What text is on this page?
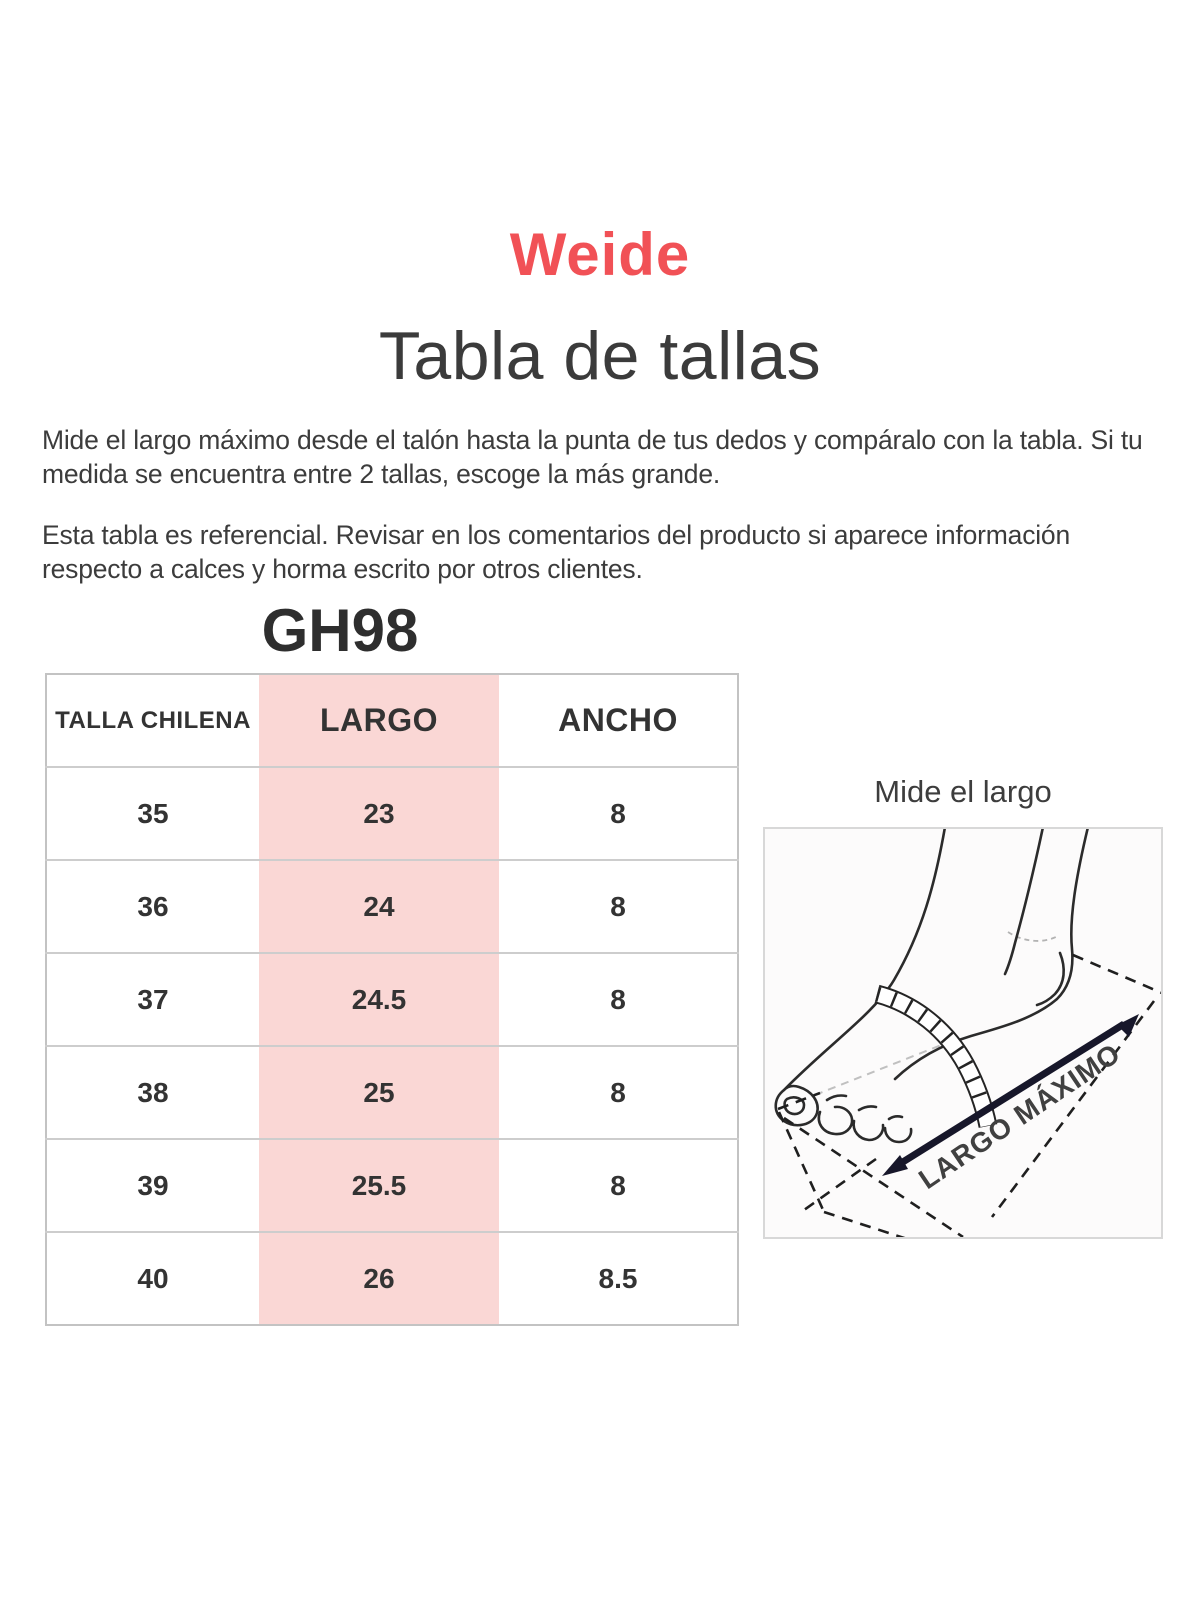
Weide
Tabla de tallas

Mide el largo máximo desde el talón hasta la punta de tus dedos y compáralo con la tabla. Si tu medida se encuentra entre 2 tallas, escoge la más grande.

Esta tabla es referencial. Revisar en los comentarios del producto si aparece información respecto a calces y horma escrito por otros clientes.

GH98
TALLA CHILENA	LARGO	ANCHO
35	23	8
36	24	8
37	24.5	8
38	25	8
39	25.5	8
40	26	8.5
Mide el largo
LARGO MÁXIMO
